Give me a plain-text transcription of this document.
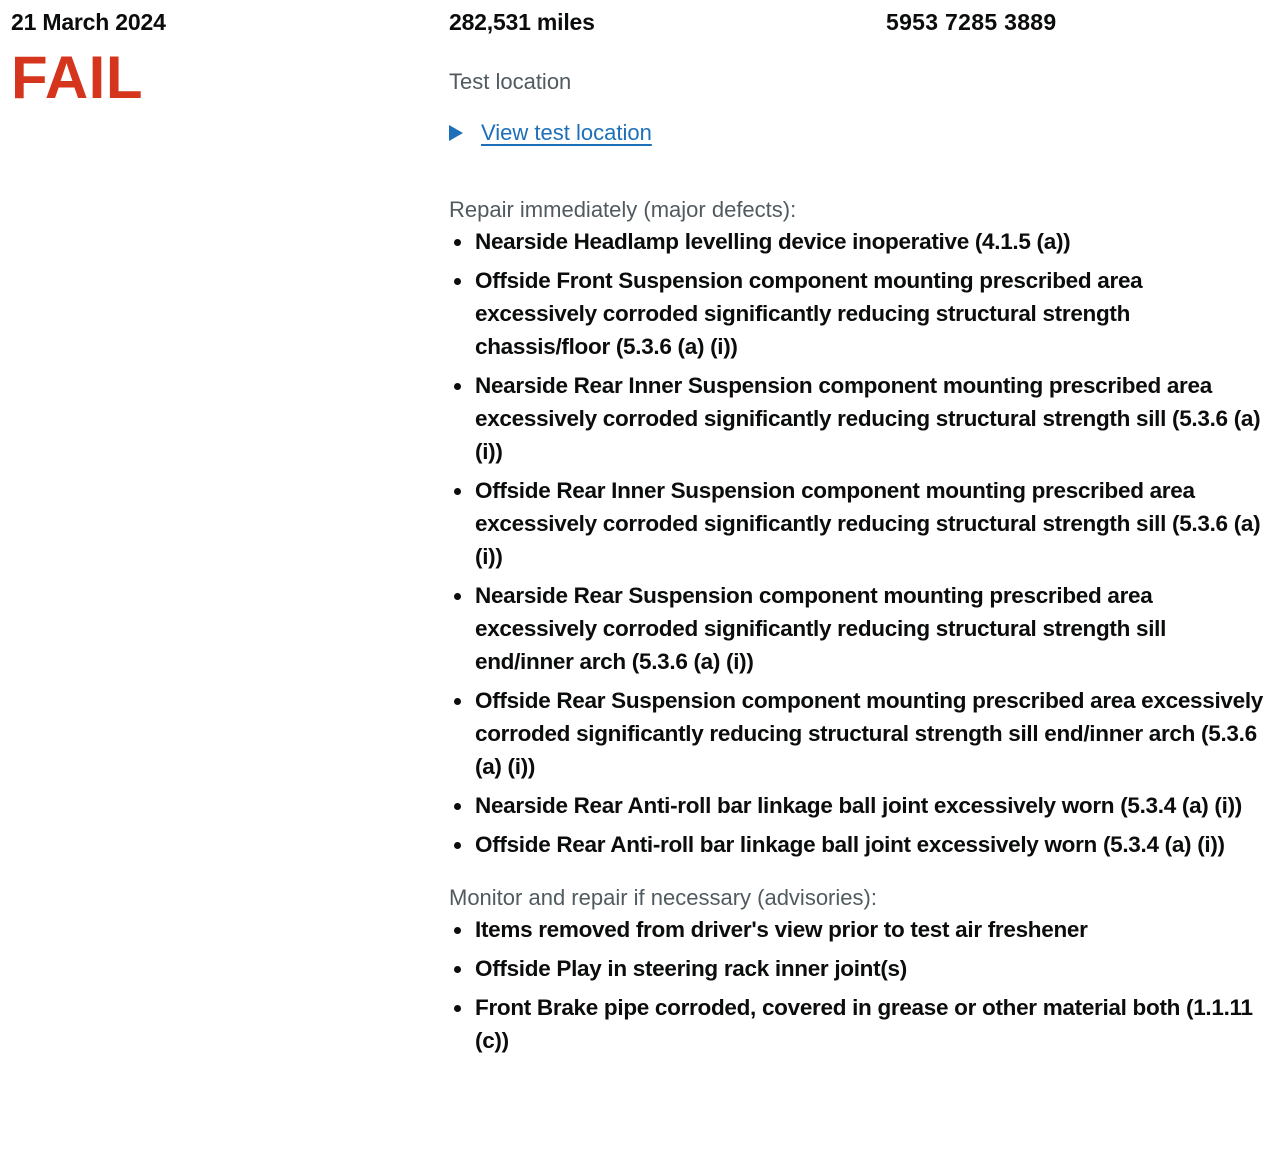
21 March 2024
FAIL
282,531 miles
Test location
View test location
Repair immediately (major defects):
Nearside Headlamp levelling device inoperative (4.1.5 (a))
Offside Front Suspension component mounting prescribed area excessively corroded significantly reducing structural strength chassis/floor (5.3.6 (a) (i))
Nearside Rear Inner Suspension component mounting prescribed area excessively corroded significantly reducing structural strength sill (5.3.6 (a) (i))
Offside Rear Inner Suspension component mounting prescribed area excessively corroded significantly reducing structural strength sill (5.3.6 (a) (i))
Nearside Rear Suspension component mounting prescribed area excessively corroded significantly reducing structural strength sill end/inner arch (5.3.6 (a) (i))
Offside Rear Suspension component mounting prescribed area excessively corroded significantly reducing structural strength sill end/inner arch (5.3.6 (a) (i))
Nearside Rear Anti-roll bar linkage ball joint excessively worn (5.3.4 (a) (i))
Offside Rear Anti-roll bar linkage ball joint excessively worn (5.3.4 (a) (i))
Monitor and repair if necessary (advisories):
Items removed from driver's view prior to test air freshener
Offside Play in steering rack inner joint(s)
Front Brake pipe corroded, covered in grease or other material both (1.1.11 (c))
5953 7285 3889
